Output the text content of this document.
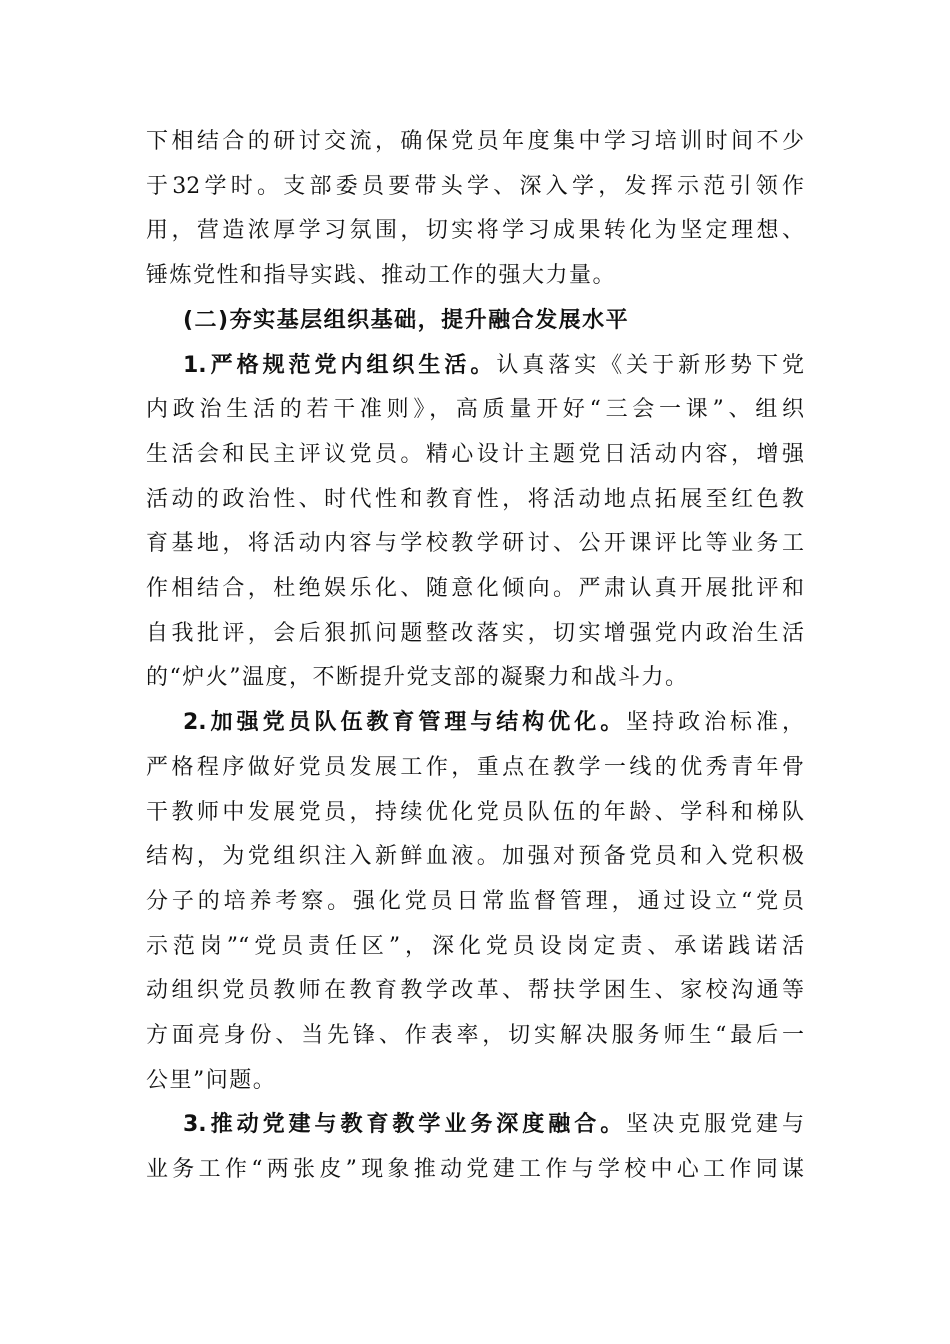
下相结合的研讨交流，确保党员年度集中学习培训时间不少
于32学时。支部委员要带头学、深入学，发挥示范引领作
用，营造浓厚学习氛围，切实将学习成果转化为坚定理想、
锤炼党性和指导实践、推动工作的强大力量。
(二)夯实基层组织基础，提升融合发展水平
1.严格规范党内组织生活。认真落实《关于新形势下党
内政治生活的若干准则》，高质量开好“三会一课”、组织
生活会和民主评议党员。精心设计主题党日活动内容，增强
活动的政治性、时代性和教育性，将活动地点拓展至红色教
育基地，将活动内容与学校教学研讨、公开课评比等业务工
作相结合，杜绝娱乐化、随意化倾向。严肃认真开展批评和
自我批评，会后狠抓问题整改落实，切实增强党内政治生活
的“炉火”温度，不断提升党支部的凝聚力和战斗力。
2.加强党员队伍教育管理与结构优化。坚持政治标准，
严格程序做好党员发展工作，重点在教学一线的优秀青年骨
干教师中发展党员，持续优化党员队伍的年龄、学科和梯队
结构，为党组织注入新鲜血液。加强对预备党员和入党积极
分子的培养考察。强化党员日常监督管理，通过设立“党员
示范岗”“党员责任区”，深化党员设岗定责、承诺践诺活
动组织党员教师在教育教学改革、帮扶学困生、家校沟通等
方面亮身份、当先锋、作表率，切实解决服务师生“最后一
公里”问题。
3.推动党建与教育教学业务深度融合。坚决克服党建与
业务工作“两张皮”现象推动党建工作与学校中心工作同谋
